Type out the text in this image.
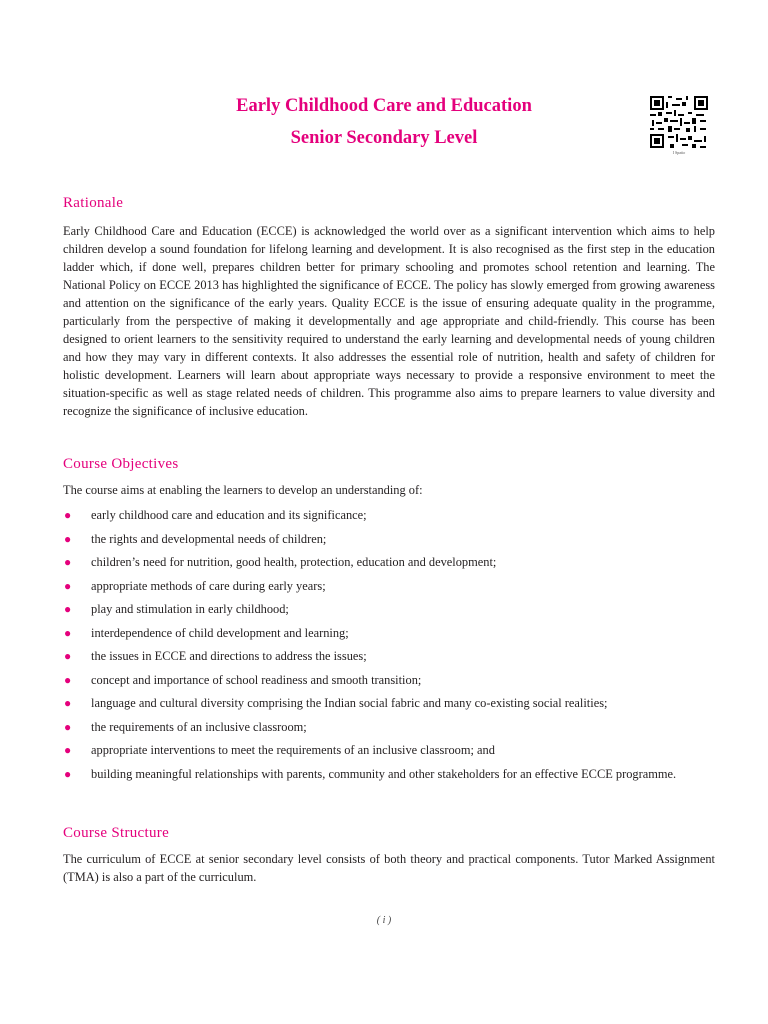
Early Childhood Care and Education
Senior Secondary Level
I Spatio
Rationale

Early Childhood Care and Education (ECCE) is acknowledged the world over as a significant intervention which aims to help children develop a sound foundation for lifelong learning and development. It is also recognised as the first step in the education ladder which, if done well, prepares children better for primary schooling and promotes school retention and learning. The National Policy on ECCE 2013 has highlighted the significance of ECCE. The policy has slowly emerged from growing awareness and attention on the significance of the early years. Quality ECCE is the issue of ensuring adequate quality in the programme, particularly from the perspective of making it developmentally and age appropriate and child-friendly. This course has been designed to orient learners to the sensitivity required to understand the early learning and developmental needs of young children and how they may vary in different contexts. It also addresses the essential role of nutrition, health and safety of children for holistic development. Learners will learn about appropriate ways necessary to provide a responsive environment to meet the situation-specific as well as stage related needs of children. This programme also aims to prepare learners to value diversity and recognize the significance of inclusive education.

Course Objectives

The course aims at enabling the learners to develop an understanding of:

● early childhood care and education and its significance;
● the rights and developmental needs of children;
● children’s need for nutrition, good health, protection, education and development;
● appropriate methods of care during early years;
● play and stimulation in early childhood;
● interdependence of child development and learning;
● the issues in ECCE and directions to address the issues;
● concept and importance of school readiness and smooth transition;
● language and cultural diversity comprising the Indian social fabric and many co-existing social realities;
● the requirements of an inclusive classroom;
● appropriate interventions to meet the requirements of an inclusive classroom; and
● building meaningful relationships with parents, community and other stakeholders for an effective ECCE programme.
Course Structure

The curriculum of ECCE at senior secondary level consists of both theory and practical components. Tutor Marked Assignment (TMA) is also a part of the curriculum.

( i )
